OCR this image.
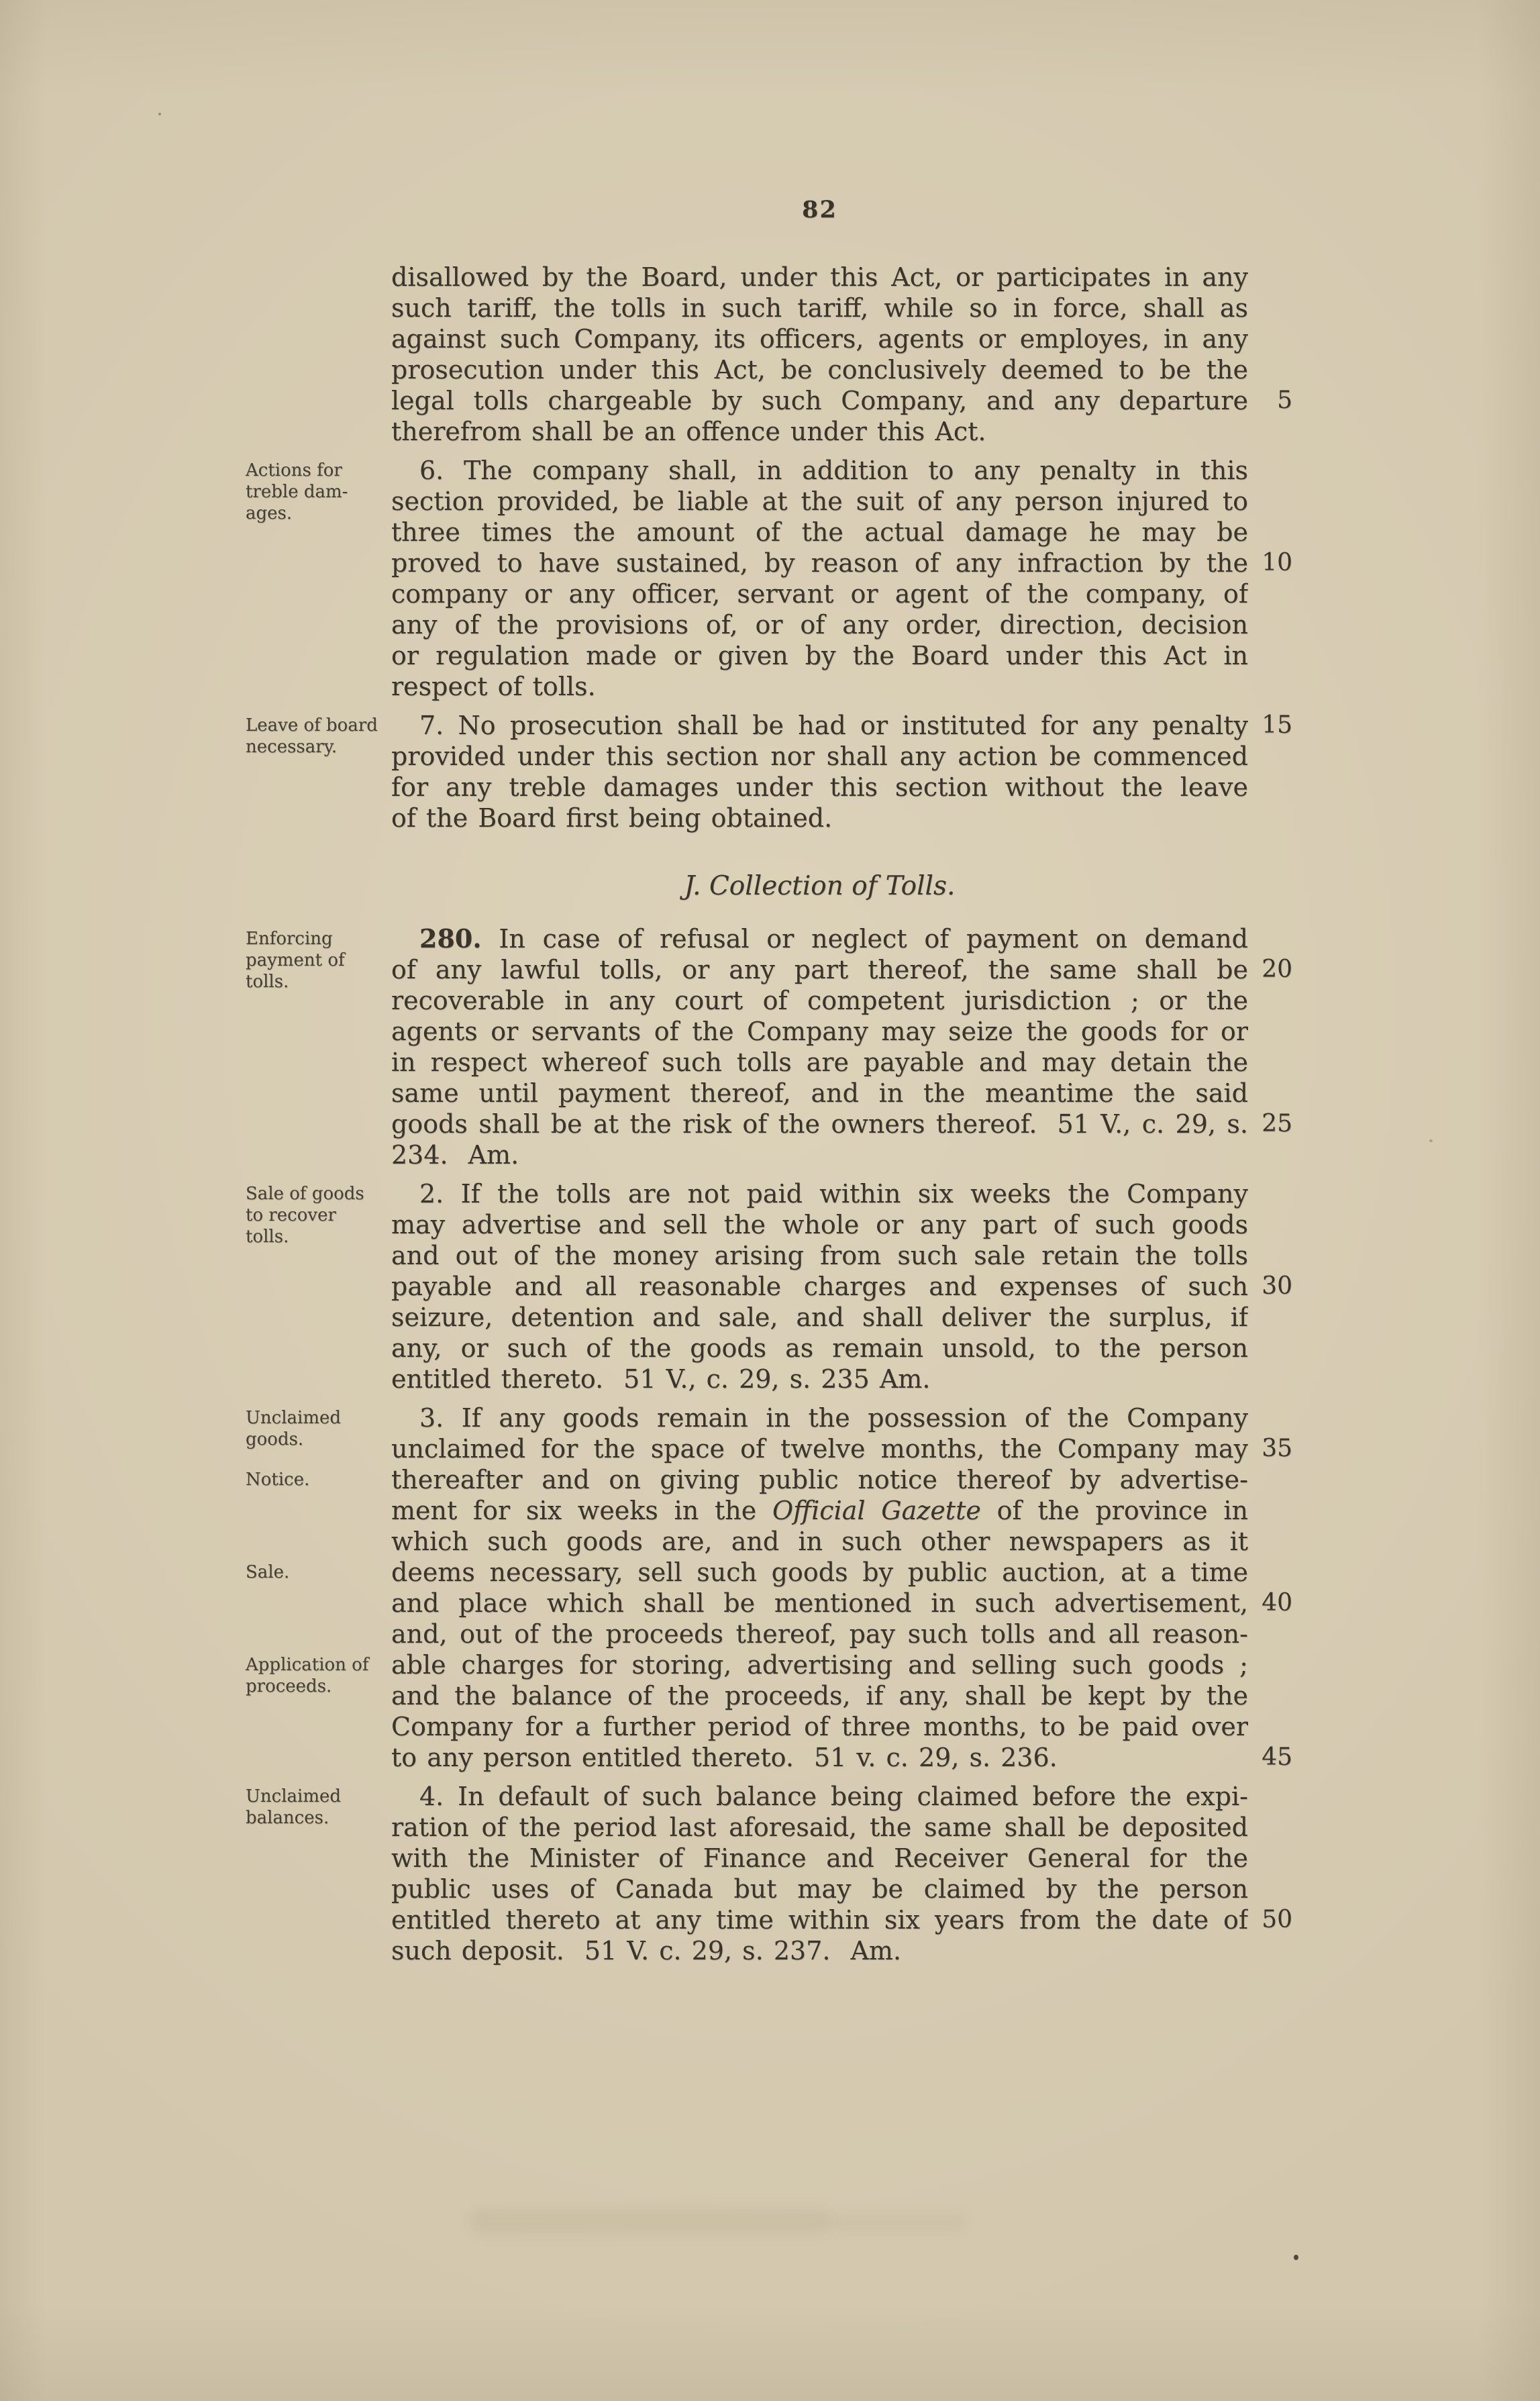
82
disallowed by the Board, under this Act, or participates in any
such tariff, the tolls in such tariff, while so in force, shall as
against such Company, its officers, agents or employes, in any
prosecution under this Act, be conclusively deemed to be the
legal tolls chargeable by such Company, and any departure	5
therefrom shall be an offence under this Act.
Actions for
treble dam-
ages.
6. The company shall, in addition to any penalty in this
section provided, be liable at the suit of any person injured to
three times the amount of the actual damage he may be
proved to have sustained, by reason of any infraction by the 10
company or any officer, servant or agent of the company, of
any of the provisions of, or of any order, direction, decision
or regulation made or given by the Board under this Act in
respect of tolls.
Leave of board
necessary.
7. No prosecution shall be had or instituted for any penalty 15
provided under this section nor shall any action be commenced
for any treble damages under this section without the leave
of the Board first being obtained.
J. Collection of Tolls.
Enforcing
payment of
tolls.
280. In case of refusal or neglect of payment on demand
of any lawful tolls, or any part thereof, the same shall be 20
recoverable in any court of competent jurisdiction ; or the
agents or servants of the Company may seize the goods for or
in respect whereof such tolls are payable and may detain the
same until payment thereof, and in the meantime the said
goods shall be at the risk of the owners thereof. 51 V., c. 29, s. 25
234. Am.
Sale of goods
to recover
tolls.
2. If the tolls are not paid within six weeks the Company
may advertise and sell the whole or any part of such goods
and out of the money arising from such sale retain the tolls
payable and all reasonable charges and expenses of such 30
seizure, detention and sale, and shall deliver the surplus, if
any, or such of the goods as remain unsold, to the person
entitled thereto. 51 V., c. 29, s. 235 Am.
Unclaimed
goods.
3. If any goods remain in the possession of the Company
unclaimed for the space of twelve months, the Company may 35
Notice.	thereafter and on giving public notice thereof by advertise-
ment for six weeks in the Official Gazette of the province in
which such goods are, and in such other newspapers as it
Sale.	deems necessary, sell such goods by public auction, at a time
and place which shall be mentioned in such advertisement, 40
and, out of the proceeds thereof, pay such tolls and all reason-
Application of
proceeds.
able charges for storing, advertising and selling such goods ;
and the balance of the proceeds, if any, shall be kept by the
Company for a further period of three months, to be paid over
to any person entitled thereto. 51 v. c. 29, s. 236.	45
Unclaimed
balances.
4. In default of such balance being claimed before the expi-
ration of the period last aforesaid, the same shall be deposited
with the Minister of Finance and Receiver General for the
public uses of Canada but may be claimed by the person
entitled thereto at any time within six years from the date of 50
such deposit. 51 V. c. 29, s. 237. Am.
